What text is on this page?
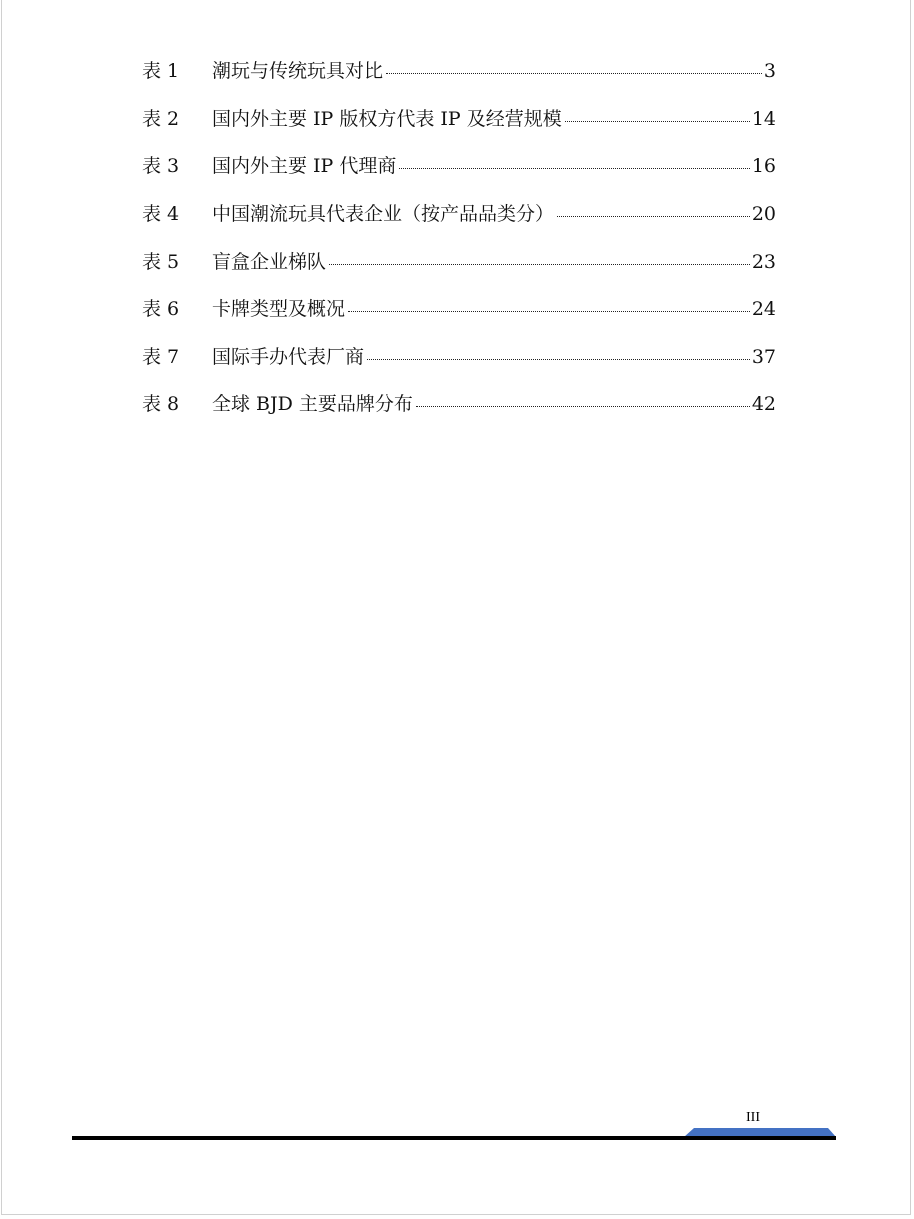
表 1	潮玩与传统玩具对比	3
表 2	国内外主要 IP 版权方代表 IP 及经营规模	14
表 3	国内外主要 IP 代理商	16
表 4	中国潮流玩具代表企业（按产品品类分）	20
表 5	盲盒企业梯队	23
表 6	卡牌类型及概况	24
表 7	国际手办代表厂商	37
表 8	全球 BJD 主要品牌分布	42
III
